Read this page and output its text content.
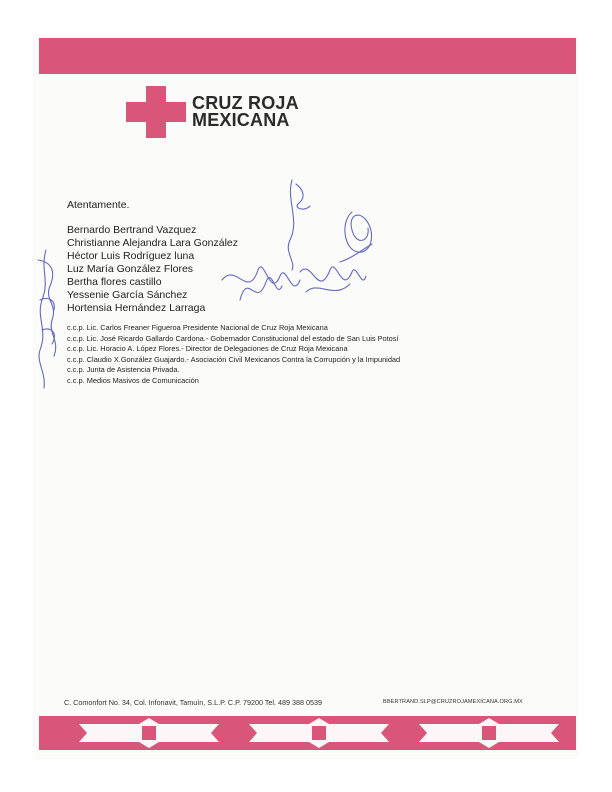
CRUZ ROJA
MEXICANA
Atentamente.
Bernardo Bertrand Vazquez
Christianne Alejandra Lara González
Héctor Luis Rodríguez luna
Luz María González Flores
Bertha flores castillo
Yessenie García Sánchez
Hortensia Hernández Larraga
c.c.p. Lic. Carlos Freaner Figueroa Presidente Nacional de Cruz Roja Mexicana
c.c.p. Lic. José Ricardo Gallardo Cardona.- Gobernador Constitucional del estado de San Luis Potosí
c.c.p. Lic. Horacio A. López Flores.- Director de Delegaciones de Cruz Roja Mexicana
c.c.p. Claudio X.González Guajardo.- Asociación Civil Mexicanos Contra la Corrupción y la Impunidad
c.c.p. Junta de Asistencia Privada.
c.c.p. Medios Masivos de Comunicación
C. Comonfort No. 34, Col. Infonavit, Tamuín, S.L.P. C.P. 79200 Tel. 489 388 0539	BBERTRAND.SLP@CRUZROJAMEXICANA.ORG.MX
